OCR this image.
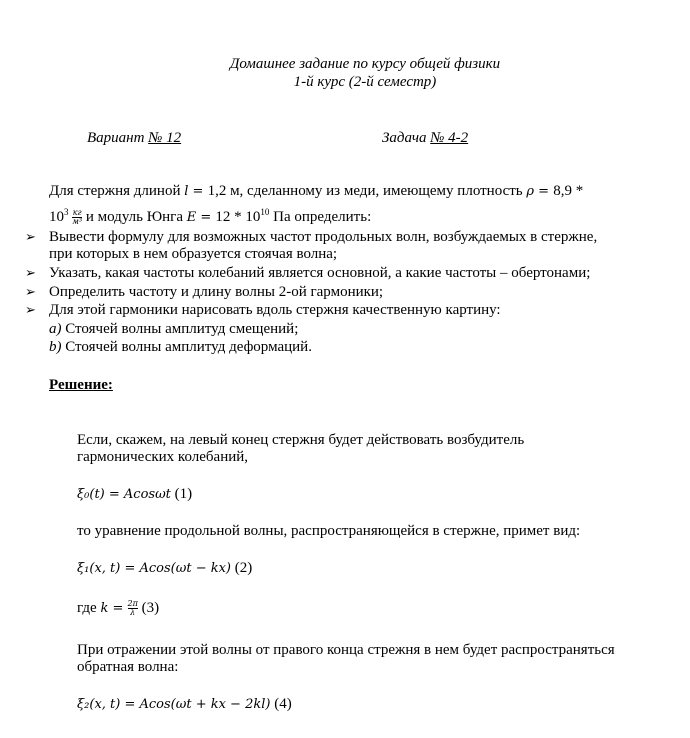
Домашнее задание по курсу общей физики
1-й курс (2-й семестр)
Вариант № 12	Задача № 4-2
Для стержня длиной l = 1,2 м, сделанному из меди, имеющему плотность ρ = 8,9 *
$10^3 \frac{кг}{\text{м³}}$ и модуль Юнга $E = 12 * 10^{10}$ Па определить:
➢ Вывести формулу для возможных частот продольных волн, возбуждаемых в стержне,
при которых в нем образуется стоячая волна;
➢ Указать, какая частоты колебаний является основной, а какие частоты – обертонами;
➢ Определить частоту и длину волны 2-ой гармоники;
➢ Для этой гармоники нарисовать вдоль стержня качественную картину:
a) Стоячей волны амплитуд смещений;
b) Стоячей волны амплитуд деформаций.
Решение:
Если, скажем, на левый конец стержня будет действовать возбудитель
гармонических колебаний,
ξ₀(t) = Acosωt (1)
то уравнение продольной волны, распространяющейся в стержне, примет вид:
ξ₁(x, t) = Acos(ωt − kx) (2)
где $k = \frac{2\pi}{\lambda} (3)$
При отражении этой волны от правого конца стрежня в нем будет распространяться
обратная волна:
ξ₂(x, t) = Acos(ωt + kx − 2kl) (4)
